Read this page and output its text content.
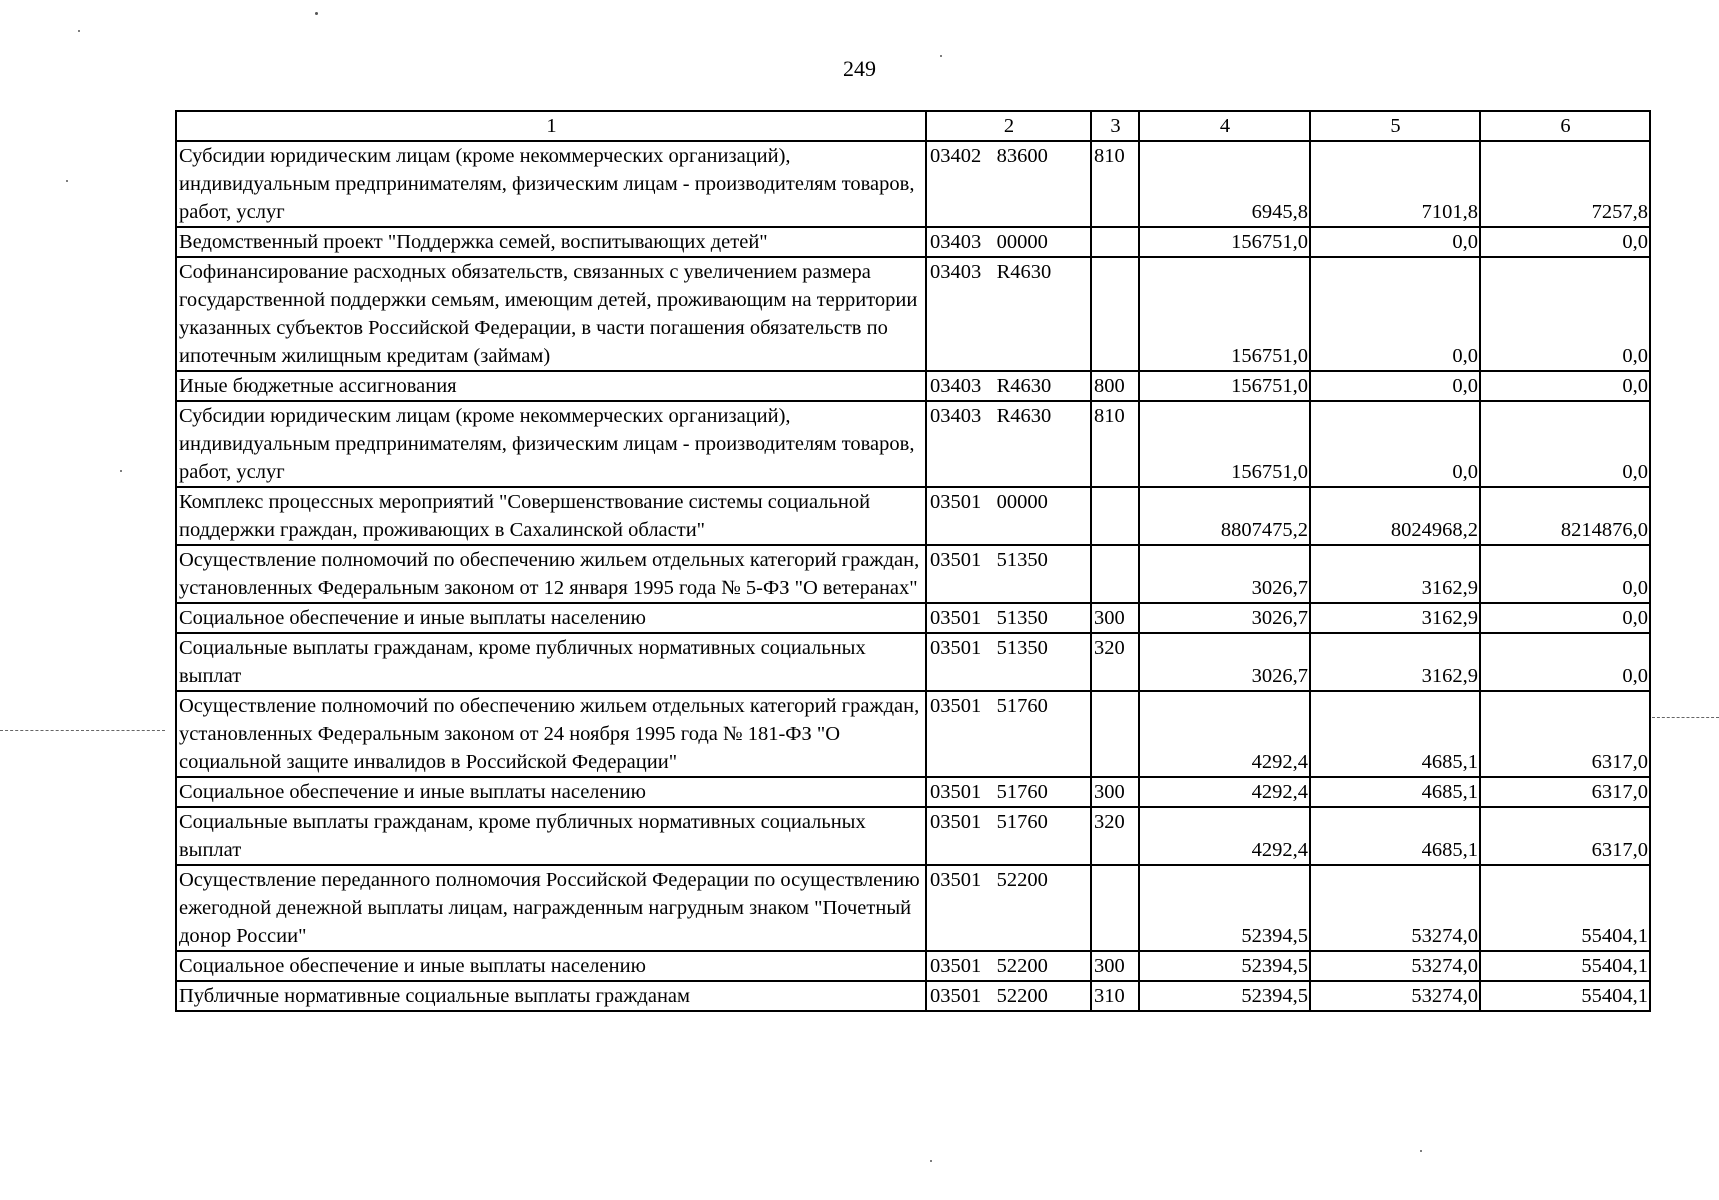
249
1	2	3	4	5	6
Субсидии юридическим лицам (кроме некоммерческих организаций), индивидуальным предпринимателям, физическим лицам - производителям товаров, работ, услуг	03402   83600	810	6945,8	7101,8	7257,8
Ведомственный проект "Поддержка семей, воспитывающих детей"	03403   00000		156751,0	0,0	0,0
Софинансирование расходных обязательств, связанных с увеличением размера государственной поддержки семьям, имеющим детей, проживающим на территории указанных субъектов Российской Федерации, в части погашения обязательств по ипотечным жилищным кредитам (займам)	03403   R4630		156751,0	0,0	0,0
Иные бюджетные ассигнования	03403   R4630	800	156751,0	0,0	0,0
Субсидии юридическим лицам (кроме некоммерческих организаций), индивидуальным предпринимателям, физическим лицам - производителям товаров, работ, услуг	03403   R4630	810	156751,0	0,0	0,0
Комплекс процессных мероприятий "Совершенствование системы социальной поддержки граждан, проживающих в Сахалинской области"	03501   00000		8807475,2	8024968,2	8214876,0
Осуществление полномочий по обеспечению жильем отдельных категорий граждан, установленных Федеральным законом от 12 января 1995 года № 5-ФЗ "О ветеранах"	03501   51350		3026,7	3162,9	0,0
Социальное обеспечение и иные выплаты населению	03501   51350	300	3026,7	3162,9	0,0
Социальные выплаты гражданам, кроме публичных нормативных социальных выплат	03501   51350	320	3026,7	3162,9	0,0
Осуществление полномочий по обеспечению жильем отдельных категорий граждан, установленных Федеральным законом от 24 ноября 1995 года № 181-ФЗ "О социальной защите инвалидов в Российской Федерации"	03501   51760		4292,4	4685,1	6317,0
Социальное обеспечение и иные выплаты населению	03501   51760	300	4292,4	4685,1	6317,0
Социальные выплаты гражданам, кроме публичных нормативных социальных выплат	03501   51760	320	4292,4	4685,1	6317,0
Осуществление переданного полномочия Российской Федерации по осуществлению ежегодной денежной выплаты лицам, награжденным нагрудным знаком "Почетный донор России"	03501   52200		52394,5	53274,0	55404,1
Социальное обеспечение и иные выплаты населению	03501   52200	300	52394,5	53274,0	55404,1
Публичные нормативные социальные выплаты гражданам	03501   52200	310	52394,5	53274,0	55404,1
